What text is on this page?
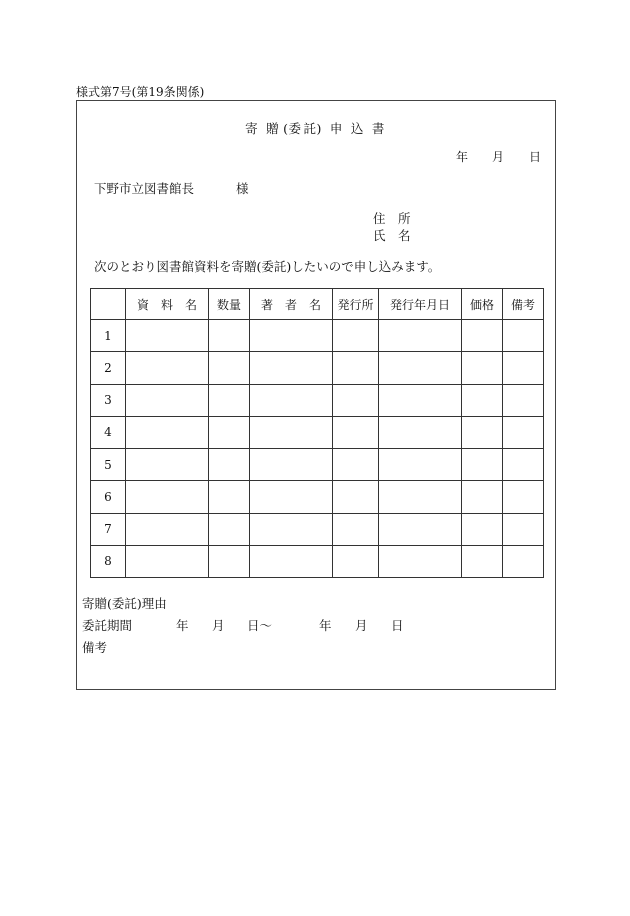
様式第7号(第19条関係)
寄 贈 (委 託) 申 込 書
年 月 日
下野市立図書館長	様
住　所
氏　名
次のとおり図書館資料を寄贈(委託)したいので申し込みます。
	資　料　名	数量	著　者　名	発行所	発行年月日	価格	備考
1							
2							
3							
4							
5							
6							
7							
8							
寄贈(委託)理由
委託期間	年 月 日〜	年 月 日
備考
